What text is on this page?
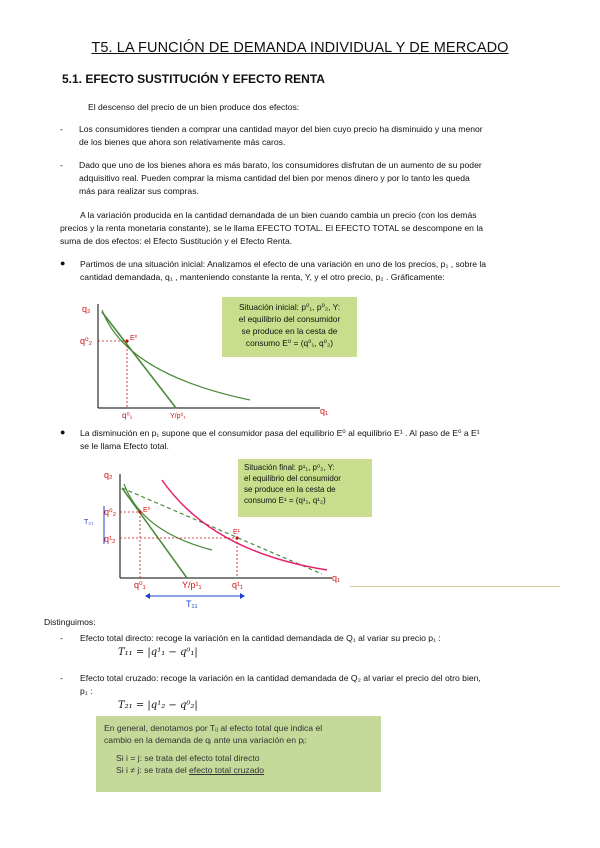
T5. LA FUNCIÓN DE DEMANDA INDIVIDUAL Y DE MERCADO
5.1. EFECTO SUSTITUCIÓN Y EFECTO RENTA
El descenso del precio de un bien produce dos efectos:
- Los consumidores tienden a comprar una cantidad mayor del bien cuyo precio ha disminuido y una menor
de los bienes que ahora son relativamente más caros.
- Dado que uno de los bienes ahora es más barato, los consumidores disfrutan de un aumento de su poder
adquisitivo real. Pueden comprar la misma cantidad del bien por menos dinero y por lo tanto les queda
más para realizar sus compras.
A la variación producida en la cantidad demandada de un bien cuando cambia un precio (con los demás
precios y la renta monetaria constante), se le llama EFECTO TOTAL. El EFECTO TOTAL se descompone en la
suma de dos efectos: el Efecto Sustitución y el Efecto Renta.
● Partimos de una situación inicial: Analizamos el efecto de una variación en uno de los precios, p₁ , sobre la
cantidad demandada, q₁ , manteniendo constante la renta, Y, y el otro precio, p₂ . Gráficamente:
q₂
q⁰₂	E⁰
q⁰₁	Y/p⁰₁
q₁
Situación inicial: p⁰₁, p⁰₂, Y:
el equilibrio del consumidor
se produce en la cesta de
consumo E⁰ = (q⁰₁, q⁰₂)
● La disminución en p₁ supone que el consumidor pasa del equilibrio E⁰ al equilibrio E¹ . Al paso de E⁰ a E¹
se le llama Efecto total.
q₂
q⁰₂
q¹₂
T₂₁
E⁰
E¹
q⁰₁	Y/p¹₁	q¹₁
q₁
T₁₁
Situación final: p¹₁, p⁰₂, Y:
el equilibrio del consumidor
se produce en la cesta de
consumo E¹ = (q¹₁, q¹₂)
Distinguimos:
- Efecto total directo: recoge la variación en la cantidad demandada de Q₁ al variar su precio p₁ :
T₁₁ = |q¹₁ − q⁰₁|
- Efecto total cruzado: recoge la variación en la cantidad demandada de Q₂ al variar el precio del otro bien,
p₁ :
T₂₁ = |q¹₂ − q⁰₂|
En general, denotamos por Tᵢⱼ al efecto total que indica el
cambio en la demanda de qᵢ ante una variación en pⱼ:
Si i = j: se trata del efecto total directo
Si i ≠ j: se trata del efecto total cruzado
